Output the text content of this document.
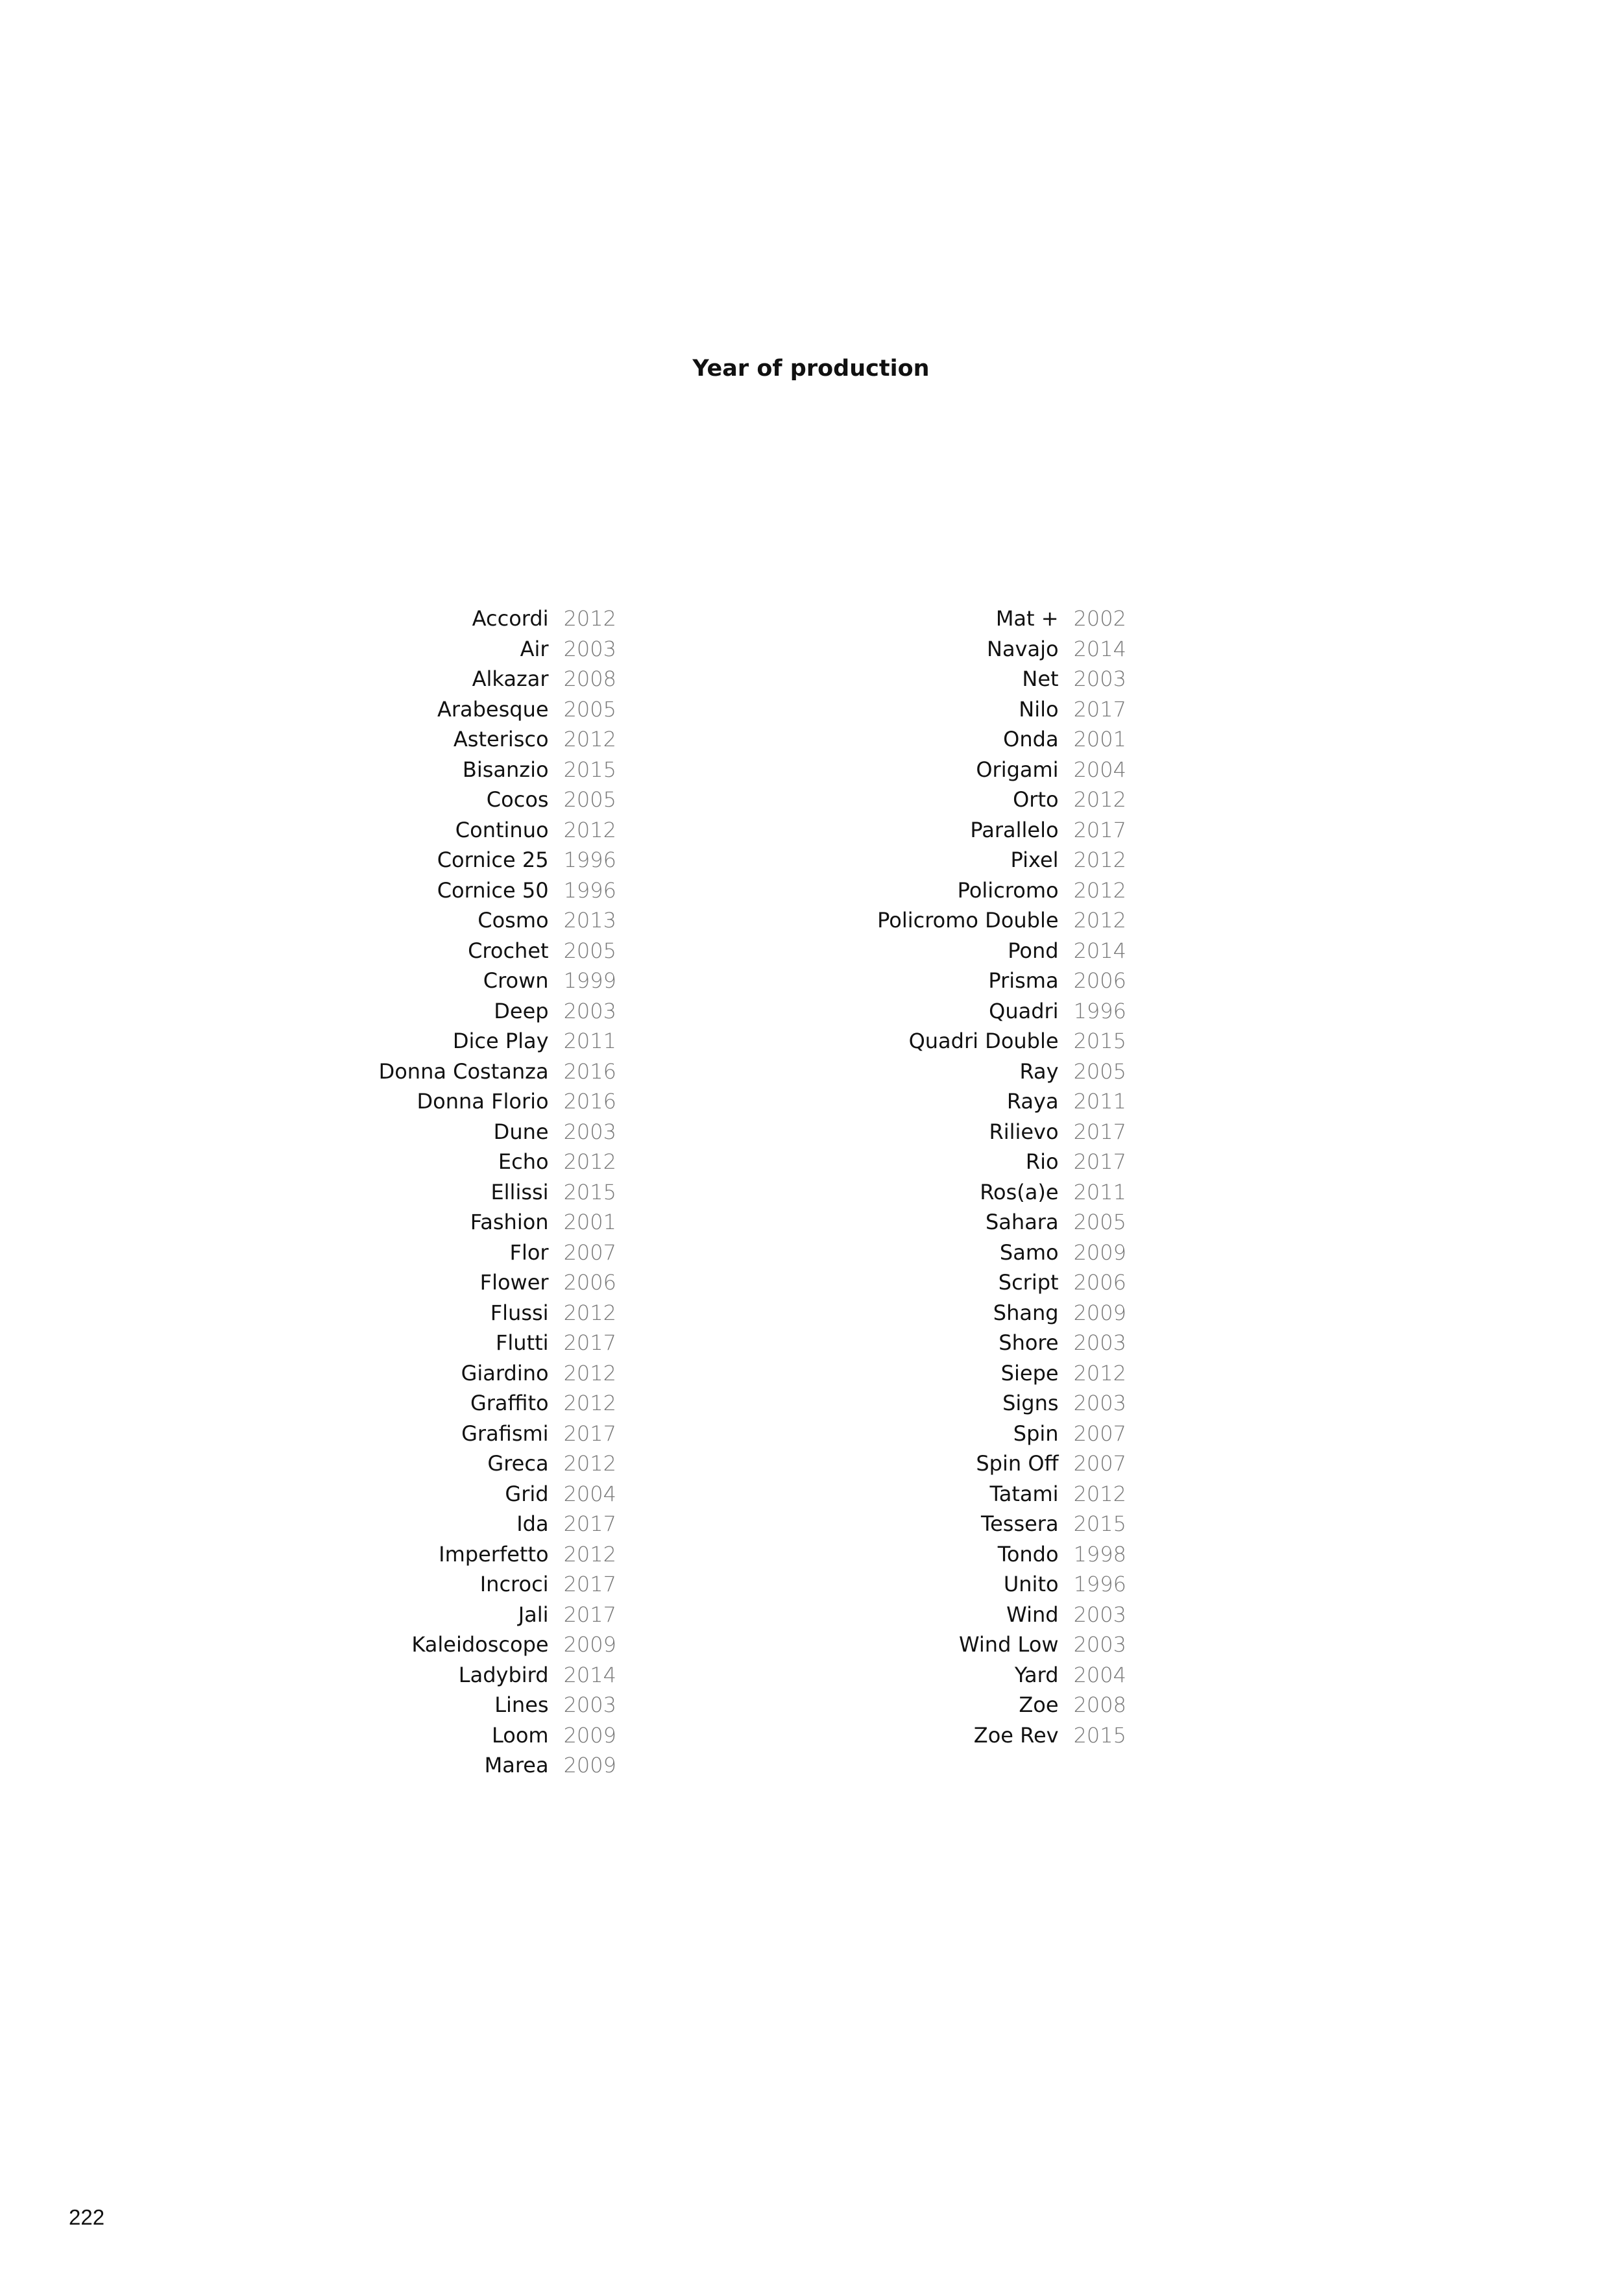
Year of production
Accordi 2012
Air 2003
Alkazar 2008
Arabesque 2005
Asterisco 2012
Bisanzio 2015
Cocos 2005
Continuo 2012
Cornice 25 1996
Cornice 50 1996
Cosmo 2013
Crochet 2005
Crown 1999
Deep 2003
Dice Play 2011
Donna Costanza 2016
Donna Florio 2016
Dune 2003
Echo 2012
Ellissi 2015
Fashion 2001
Flor 2007
Flower 2006
Flussi 2012
Flutti 2017
Giardino 2012
Graffito 2012
Grafismi 2017
Greca 2012
Grid 2004
Ida 2017
Imperfetto 2012
Incroci 2017
Jali 2017
Kaleidoscope 2009
Ladybird 2014
Lines 2003
Loom 2009
Marea 2009
Mat + 2002
Navajo 2014
Net 2003
Nilo 2017
Onda 2001
Origami 2004
Orto 2012
Parallelo 2017
Pixel 2012
Policromo 2012
Policromo Double 2012
Pond 2014
Prisma 2006
Quadri 1996
Quadri Double 2015
Ray 2005
Raya 2011
Rilievo 2017
Rio 2017
Ros(a)e 2011
Sahara 2005
Samo 2009
Script 2006
Shang 2009
Shore 2003
Siepe 2012
Signs 2003
Spin 2007
Spin Off 2007
Tatami 2012
Tessera 2015
Tondo 1998
Unito 1996
Wind 2003
Wind Low 2003
Yard 2004
Zoe 2008
Zoe Rev 2015
222
